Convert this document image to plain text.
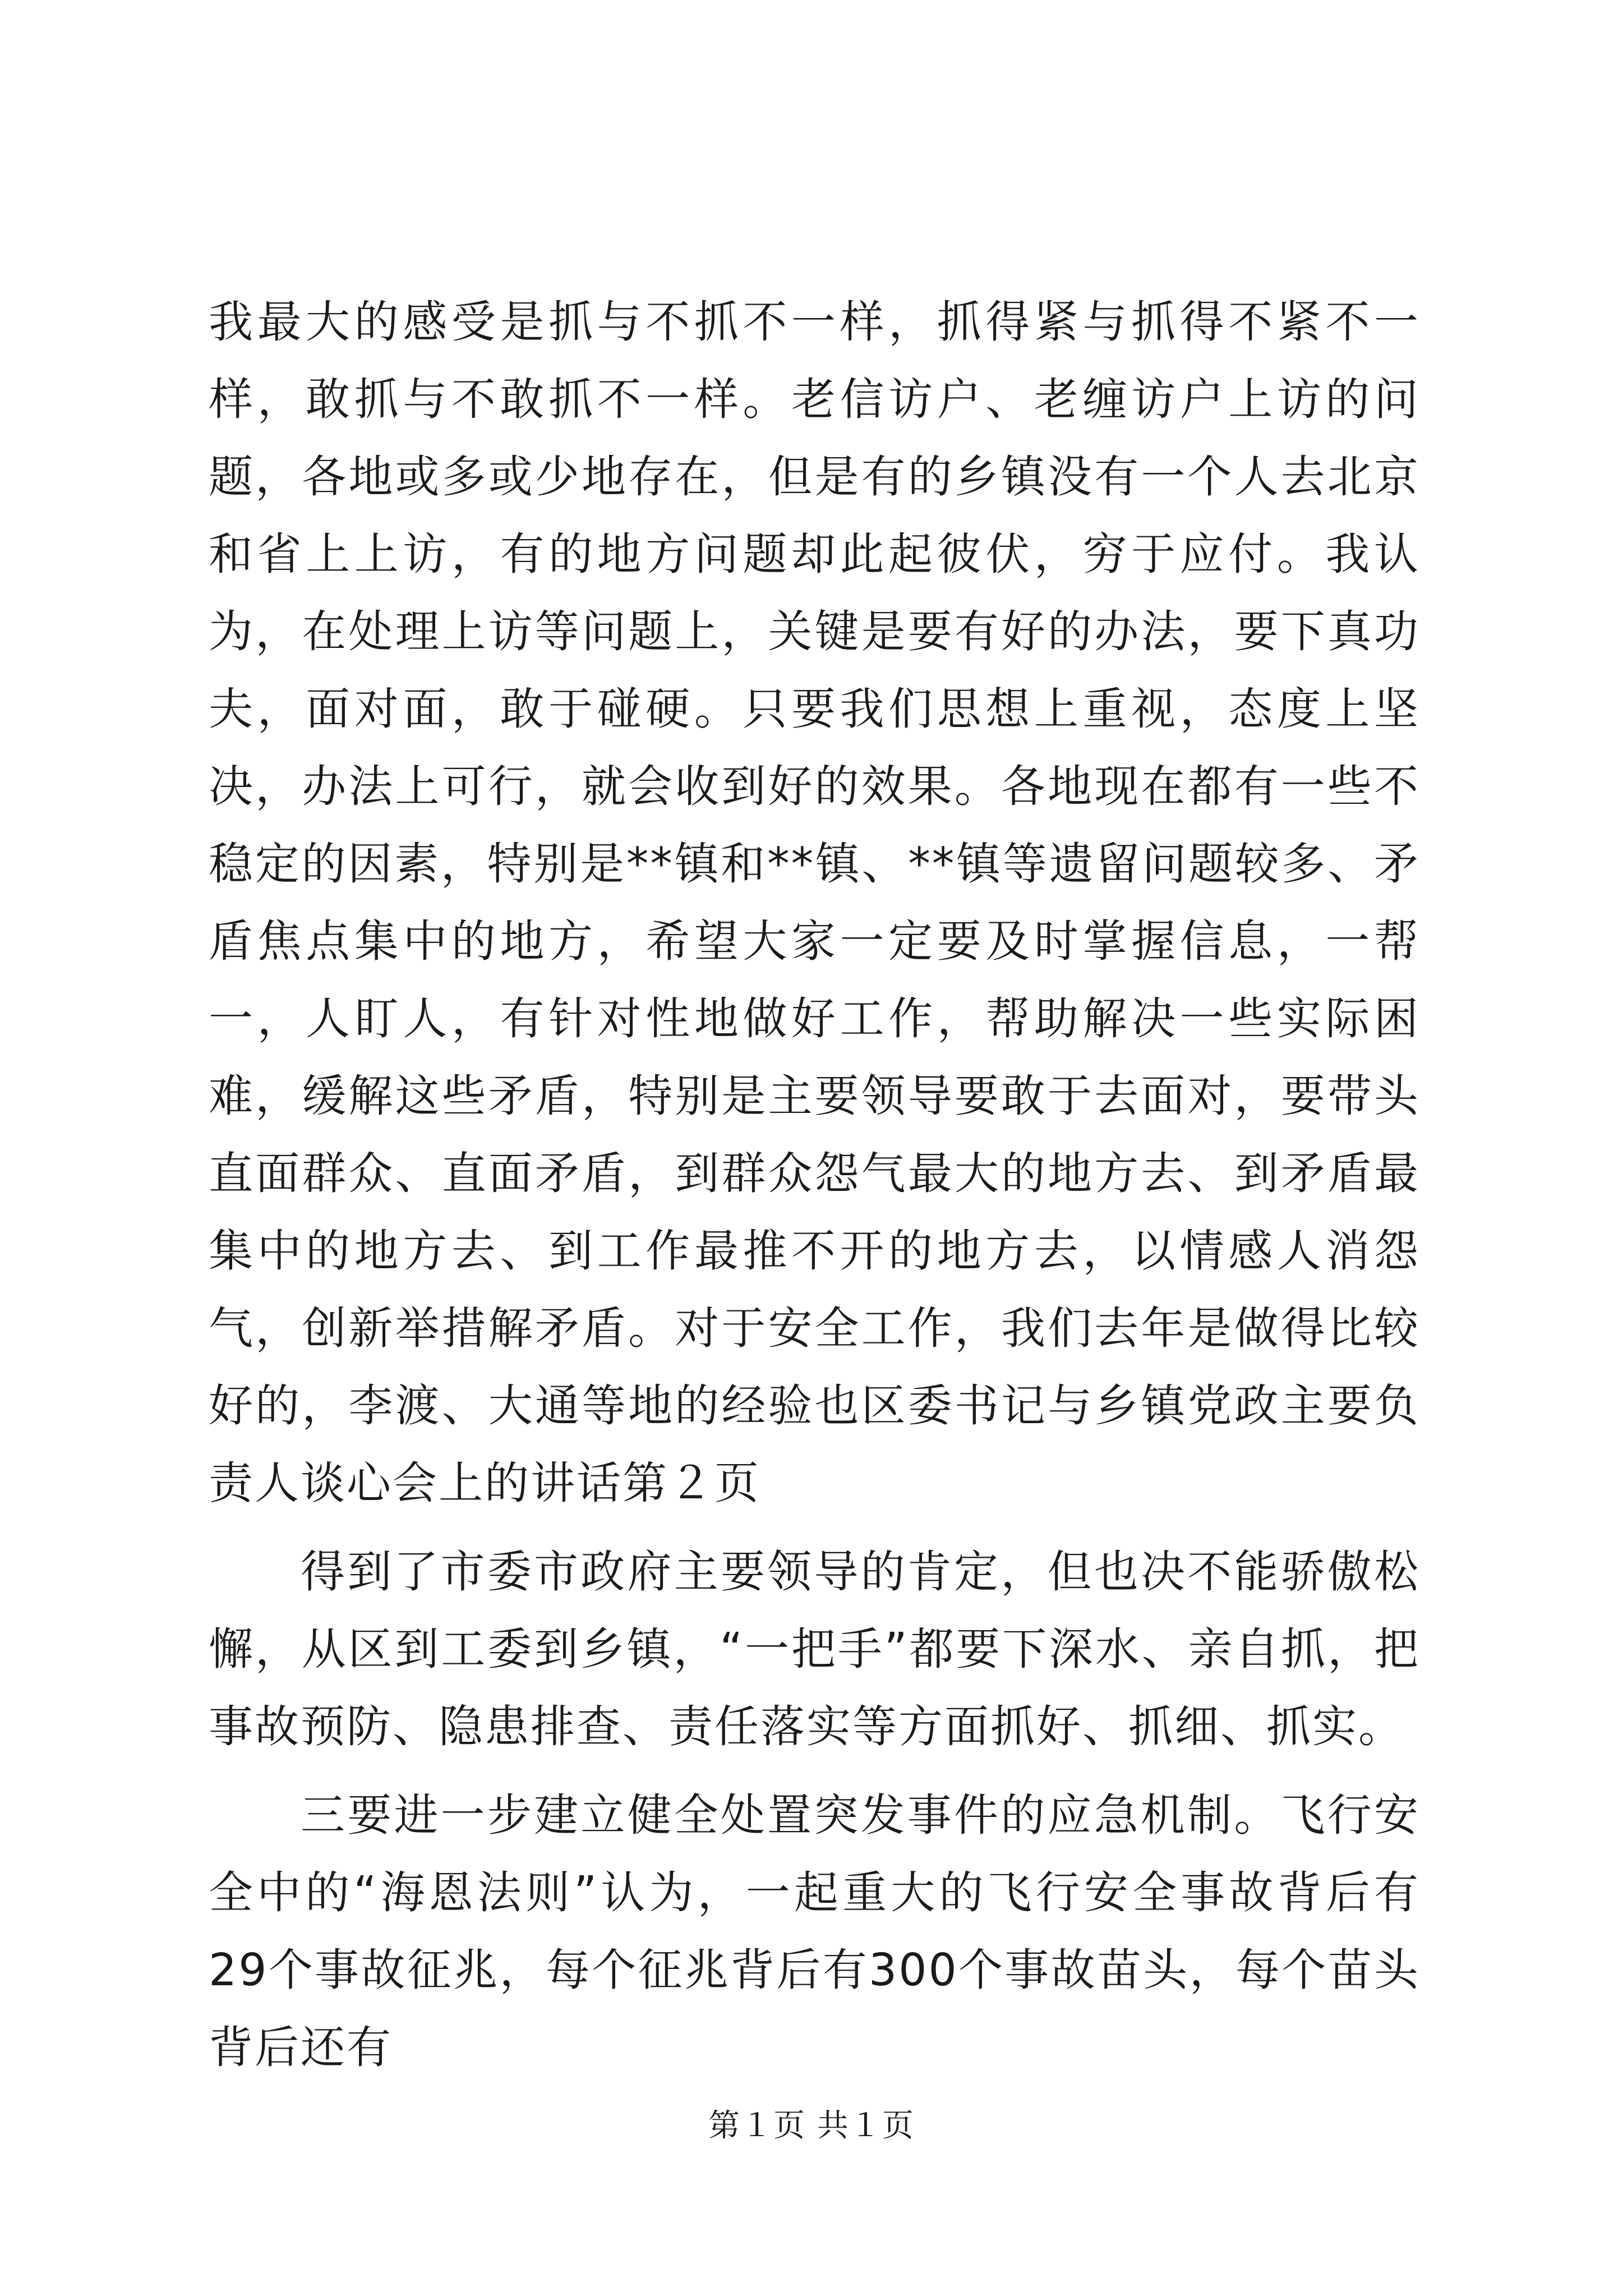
我最大的感受是抓与不抓不一样，抓得紧与抓得不紧不一样，敢抓与不敢抓不一样。老信访户、老缠访户上访的问题，各地或多或少地存在，但是有的乡镇没有一个人去北京和省上上访，有的地方问题却此起彼伏，穷于应付。我认为，在处理上访等问题上，关键是要有好的办法，要下真功夫，面对面，敢于碰硬。只要我们思想上重视，态度上坚决，办法上可行，就会收到好的效果。各地现在都有一些不稳定的因素，特别是**镇和**镇、**镇等遗留问题较多、矛盾焦点集中的地方，希望大家一定要及时掌握信息，一帮一，人盯人，有针对性地做好工作，帮助解决一些实际困难，缓解这些矛盾，特别是主要领导要敢于去面对，要带头直面群众、直面矛盾，到群众怨气最大的地方去、到矛盾最集中的地方去、到工作最推不开的地方去，以情感人消怨气，创新举措解矛盾。对于安全工作，我们去年是做得比较好的，李渡、大通等地的经验也区委书记与乡镇党政主要负责人谈心会上的讲话第２页

得到了市委市政府主要领导的肯定，但也决不能骄傲松懈，从区到工委到乡镇，“一把手”都要下深水、亲自抓，把事故预防、隐患排查、责任落实等方面抓好、抓细、抓实。

三要进一步建立健全处置突发事件的应急机制。飞行安全中的“海恩法则”认为，一起重大的飞行安全事故背后有29个事故征兆，每个征兆背后有300个事故苗头，每个苗头背后还有

第１页 共１页
